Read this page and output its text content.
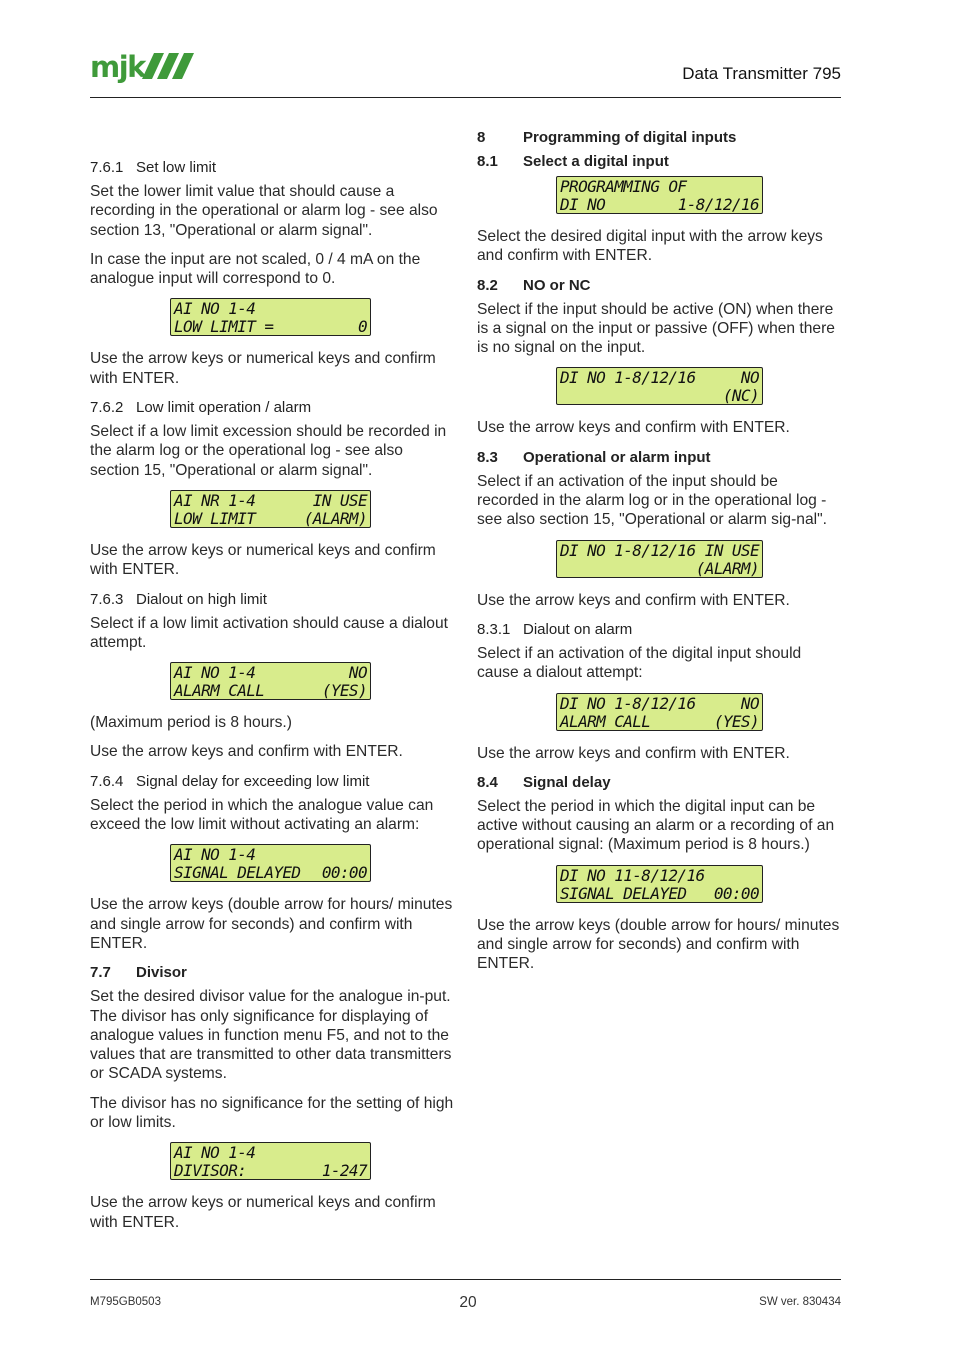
mjk	Data Transmitter 795
7.6.1 Set low limit

Set the lower limit value that should cause a recording in the operational or alarm log - see also section 13, "Operational or alarm signal".

In case the input are not scaled, 0 / 4 mA on the analogue input will correspond to 0.

AI NO 1-4
LOW LIMIT =	0

Use the arrow keys or numerical keys and confirm with ENTER.

7.6.2 Low limit operation / alarm

Select if a low limit excession should be recorded in the alarm log or the operational log - see also section 15, "Operational or alarm signal".

AI NR 1-4	IN USE
LOW LIMIT	(ALARM)

Use the arrow keys or numerical keys and confirm with ENTER.

7.6.3 Dialout on high limit

Select if a low limit activation should cause a dialout attempt.

AI NO 1-4	NO
ALARM CALL	(YES)

(Maximum period is 8 hours.)

Use the arrow keys and confirm with ENTER.

7.6.4 Signal delay for exceeding low limit

Select the period in which the analogue value can exceed the low limit without activating an alarm:

AI NO 1-4
SIGNAL DELAYED 00:00

Use the arrow keys (double arrow for hours/ minutes and single arrow for seconds) and confirm with ENTER.

7.7 Divisor

Set the desired divisor value for the analogue in-put. The divisor has only significance for displaying of analogue values in function menu F5, and not to the values that are transmitted to other data transmitters or SCADA systems.

The divisor has no significance for the setting of high or low limits.

AI NO 1-4
DIVISOR:	1-247

Use the arrow keys or numerical keys and confirm with ENTER.

8	Programming of digital inputs
8.1 Select a digital input
PROGRAMMING OF
DI NO	1-8/12/16

Select the desired digital input with the arrow keys and confirm with ENTER.

8.2 NO or NC

Select if the input should be active (ON) when there is a signal on the input or passive (OFF) when there is no signal on the input.

DI NO 1-8/12/16	NO
(NC)

Use the arrow keys and confirm with ENTER.

8.3 Operational or alarm input

Select if an activation of the input should be recorded in the alarm log or in the operational log - see also section 15, "Operational or alarm sig-nal".

DI NO 1-8/12/16 IN USE
(ALARM)

Use the arrow keys and confirm with ENTER.

8.3.1 Dialout on alarm

Select if an activation of the digital input should cause a dialout attempt:

DI NO 1-8/12/16	NO
ALARM CALL	(YES)

Use the arrow keys and confirm with ENTER.

8.4 Signal delay

Select the period in which the digital input can be active without causing an alarm or a recording of an operational signal: (Maximum period is 8 hours.)

DI NO 11-8/12/16
SIGNAL DELAYED 00:00

Use the arrow keys (double arrow for hours/ minutes and single arrow for seconds) and confirm with ENTER.

M795GB0503	20	SW ver. 830434
